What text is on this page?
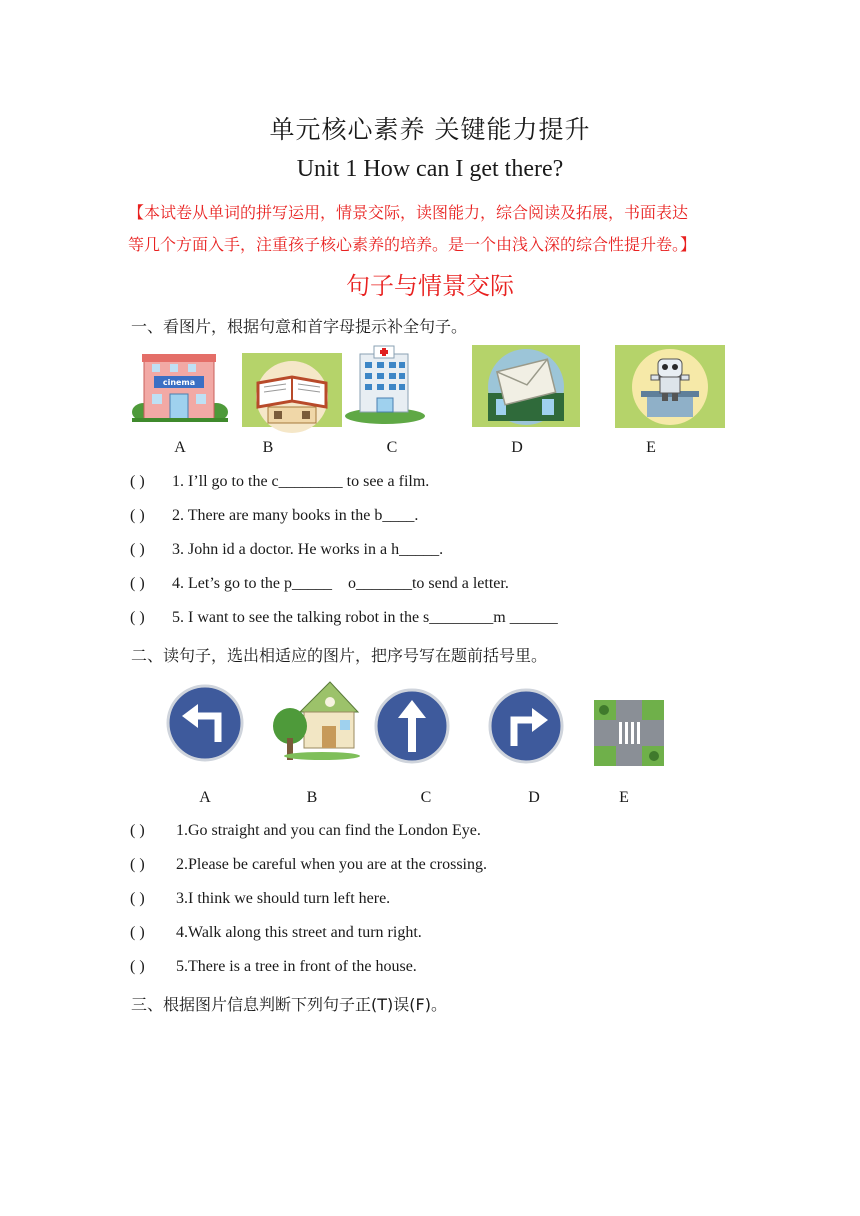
单元核心素养 关键能力提升
Unit 1 How can I get there?
【本试卷从单词的拼写运用，情景交际，读图能力，综合阅读及拓展，书面表达
等几个方面入手，注重孩子核心素养的培养。是一个由浅入深的综合性提升卷。】
句子与情景交际
一、看图片，根据句意和首字母提示补全句子。
cinema
A	B	C	D	E
( ) 1. I’ll go to the c________ to see a film.
( ) 2. There are many books in the b____.
( ) 3. John id a doctor. He works in a h_____.
( ) 4. Let’s go to the p_____    o_______to send a letter.
( ) 5. I want to see the talking robot in the s________m ______
二、读句子，选出相适应的图片，把序号写在题前括号里。
A	B	C	D	E
( ) 1.Go straight and you can find the London Eye.
( ) 2.Please be careful when you are at the crossing.
( ) 3.I think we should turn left here.
( ) 4.Walk along this street and turn right.
( ) 5.There is a tree in front of the house.
三、根据图片信息判断下列句子正(T)误(F)。
